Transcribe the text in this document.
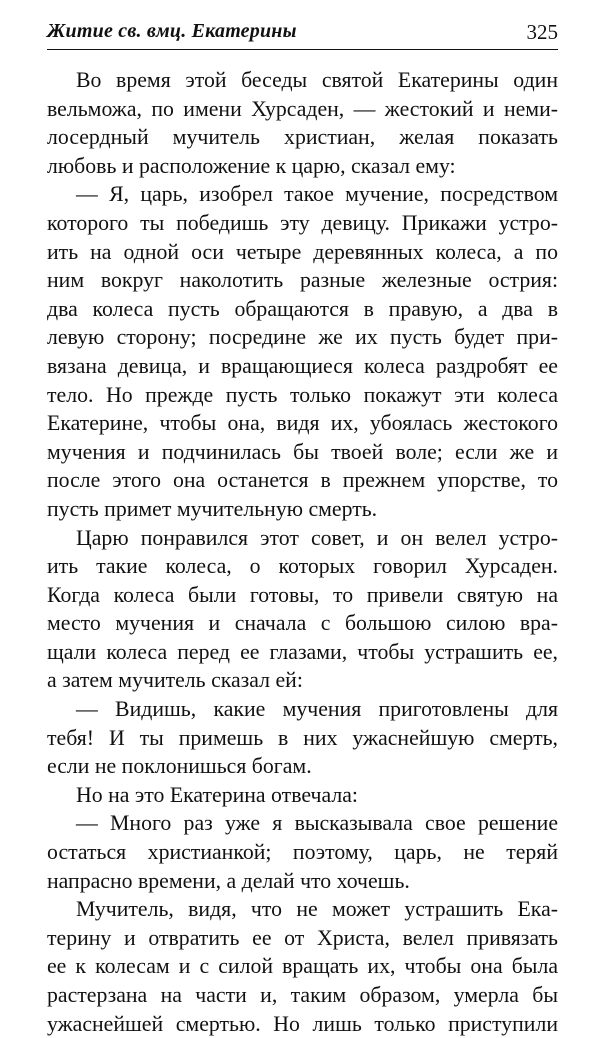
Житие св. вмц. Екатерины	325
Во время этой беседы святой Екатерины один
вельможа, по имени Хурсаден, — жестокий и неми-
лосердный мучитель христиан, желая показать
любовь и расположение к царю, сказал ему:
— Я, царь, изобрел такое мучение, посредством
которого ты победишь эту девицу. Прикажи устро-
ить на одной оси четыре деревянных колеса, а по
ним вокруг наколотить разные железные острия:
два колеса пусть обращаются в правую, а два в
левую сторону; посредине же их пусть будет при-
вязана девица, и вращающиеся колеса раздробят ее
тело. Но прежде пусть только покажут эти колеса
Екатерине, чтобы она, видя их, убоялась жестокого
мучения и подчинилась бы твоей воле; если же и
после этого она останется в прежнем упорстве, то
пусть примет мучительную смерть.
Царю понравился этот совет, и он велел устро-
ить такие колеса, о которых говорил Хурсаден.
Когда колеса были готовы, то привели святую на
место мучения и сначала с большою силою вра-
щали колеса перед ее глазами, чтобы устрашить ее,
а затем мучитель сказал ей:
— Видишь, какие мучения приготовлены для
тебя! И ты примешь в них ужаснейшую смерть,
если не поклонишься богам.
Но на это Екатерина отвечала:
— Много раз уже я высказывала свое решение
остаться христианкой; поэтому, царь, не теряй
напрасно времени, а делай что хочешь.
Мучитель, видя, что не может устрашить Ека-
терину и отвратить ее от Христа, велел привязать
ее к колесам и с силой вращать их, чтобы она была
растерзана на части и, таким образом, умерла бы
ужаснейшей смертью. Но лишь только приступили
